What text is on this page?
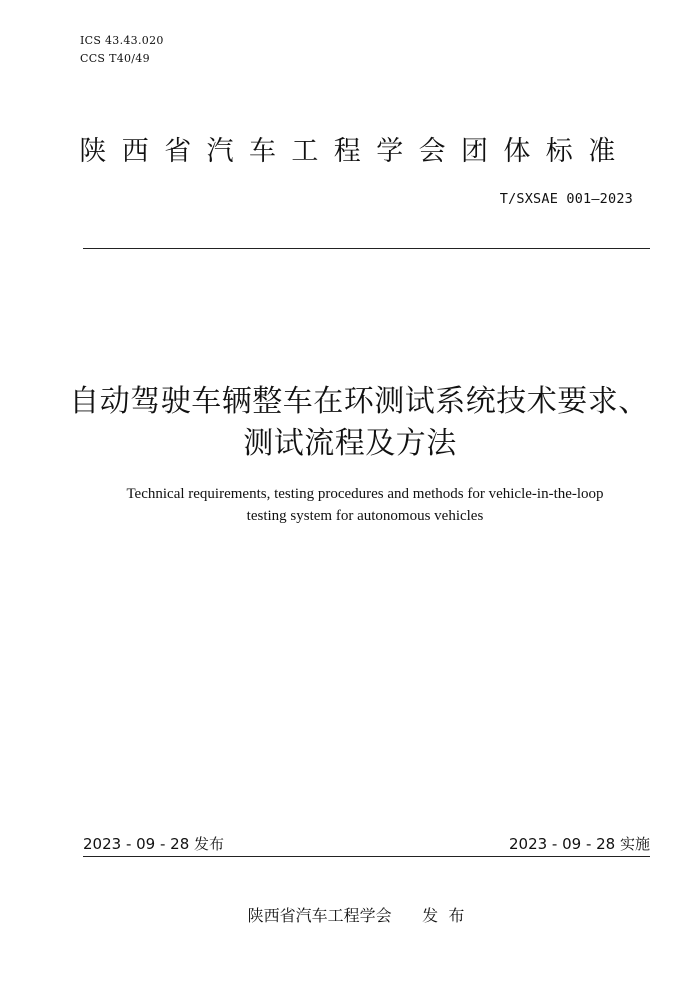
ICS 43.43.020
CCS T40/49
陕西省汽车工程学会团体标准
T/SXSAE 001—2023
自动驾驶车辆整车在环测试系统技术要求、
测试流程及方法
Technical requirements, testing procedures and methods for vehicle-in-the-loop
testing system for autonomous vehicles
2023 - 09 - 28 发布	2023 - 09 - 28 实施
陕西省汽车工程学会      发  布
